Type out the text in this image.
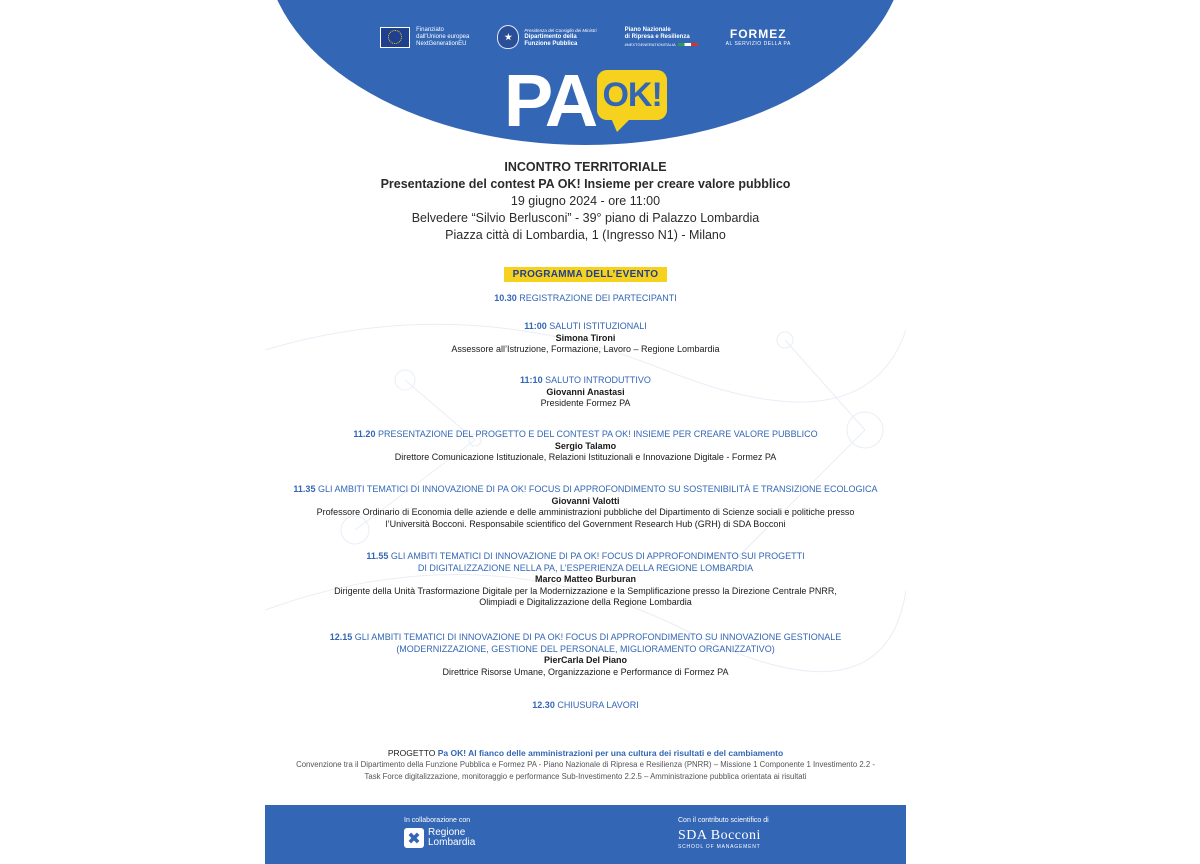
Finanziato
dall'Unione europea
NextGenerationEU
Presidenza del Consiglio dei Ministri
Dipartimento della
Funzione Pubblica
Piano Nazionale
di Ripresa e Resilienza
#NEXTGENERATIONITALIA
FORMEZ
AL SERVIZIO DELLA PA
PA OK!
INCONTRO TERRITORIALE
Presentazione del contest PA OK! Insieme per creare valore pubblico
19 giugno 2024 - ore 11:00
Belvedere “Silvio Berlusconi” - 39° piano di Palazzo Lombardia
Piazza città di Lombardia, 1 (Ingresso N1) - Milano
PROGRAMMA DELL’EVENTO
10.30 REGISTRAZIONE DEI PARTECIPANTI
11:00 SALUTI ISTITUZIONALI
Simona Tironi
Assessore all’Istruzione, Formazione, Lavoro – Regione Lombardia
11:10 SALUTO INTRODUTTIVO
Giovanni Anastasi
Presidente Formez PA
11.20 PRESENTAZIONE DEL PROGETTO E DEL CONTEST PA OK! INSIEME PER CREARE VALORE PUBBLICO
Sergio Talamo
Direttore Comunicazione Istituzionale, Relazioni Istituzionali e Innovazione Digitale - Formez PA
11.35 GLI AMBITI TEMATICI DI INNOVAZIONE DI PA OK! FOCUS DI APPROFONDIMENTO SU SOSTENIBILITÀ E TRANSIZIONE ECOLOGICA
Giovanni Valotti
Professore Ordinario di Economia delle aziende e delle amministrazioni pubbliche del Dipartimento di Scienze sociali e politiche presso
l’Università Bocconi. Responsabile scientifico del Government Research Hub (GRH) di SDA Bocconi
11.55 GLI AMBITI TEMATICI DI INNOVAZIONE DI PA OK! FOCUS DI APPROFONDIMENTO SUI PROGETTI
DI DIGITALIZZAZIONE NELLA PA, L’ESPERIENZA DELLA REGIONE LOMBARDIA
Marco Matteo Burburan
Dirigente della Unità Trasformazione Digitale per la Modernizzazione e la Semplificazione presso la Direzione Centrale PNRR,
Olimpiadi e Digitalizzazione della Regione Lombardia
12.15 GLI AMBITI TEMATICI DI INNOVAZIONE DI PA OK! FOCUS DI APPROFONDIMENTO SU INNOVAZIONE GESTIONALE
(MODERNIZZAZIONE, GESTIONE DEL PERSONALE, MIGLIORAMENTO ORGANIZZATIVO)
PierCarla Del Piano
Direttrice Risorse Umane, Organizzazione e Performance di Formez PA
12.30 CHIUSURA LAVORI
PROGETTO Pa OK! Al fianco delle amministrazioni per una cultura dei risultati e del cambiamento
Convenzione tra il Dipartimento della Funzione Pubblica e Formez PA - Piano Nazionale di Ripresa e Resilienza (PNRR) – Missione 1 Componente 1 Investimento 2.2 -
Task Force digitalizzazione, monitoraggio e performance Sub-Investimento 2.2.5 – Amministrazione pubblica orientata ai risultati
In collaborazione con
Regione
Lombardia
Con il contributo scientifico di
SDA Bocconi
SCHOOL OF MANAGEMENT
